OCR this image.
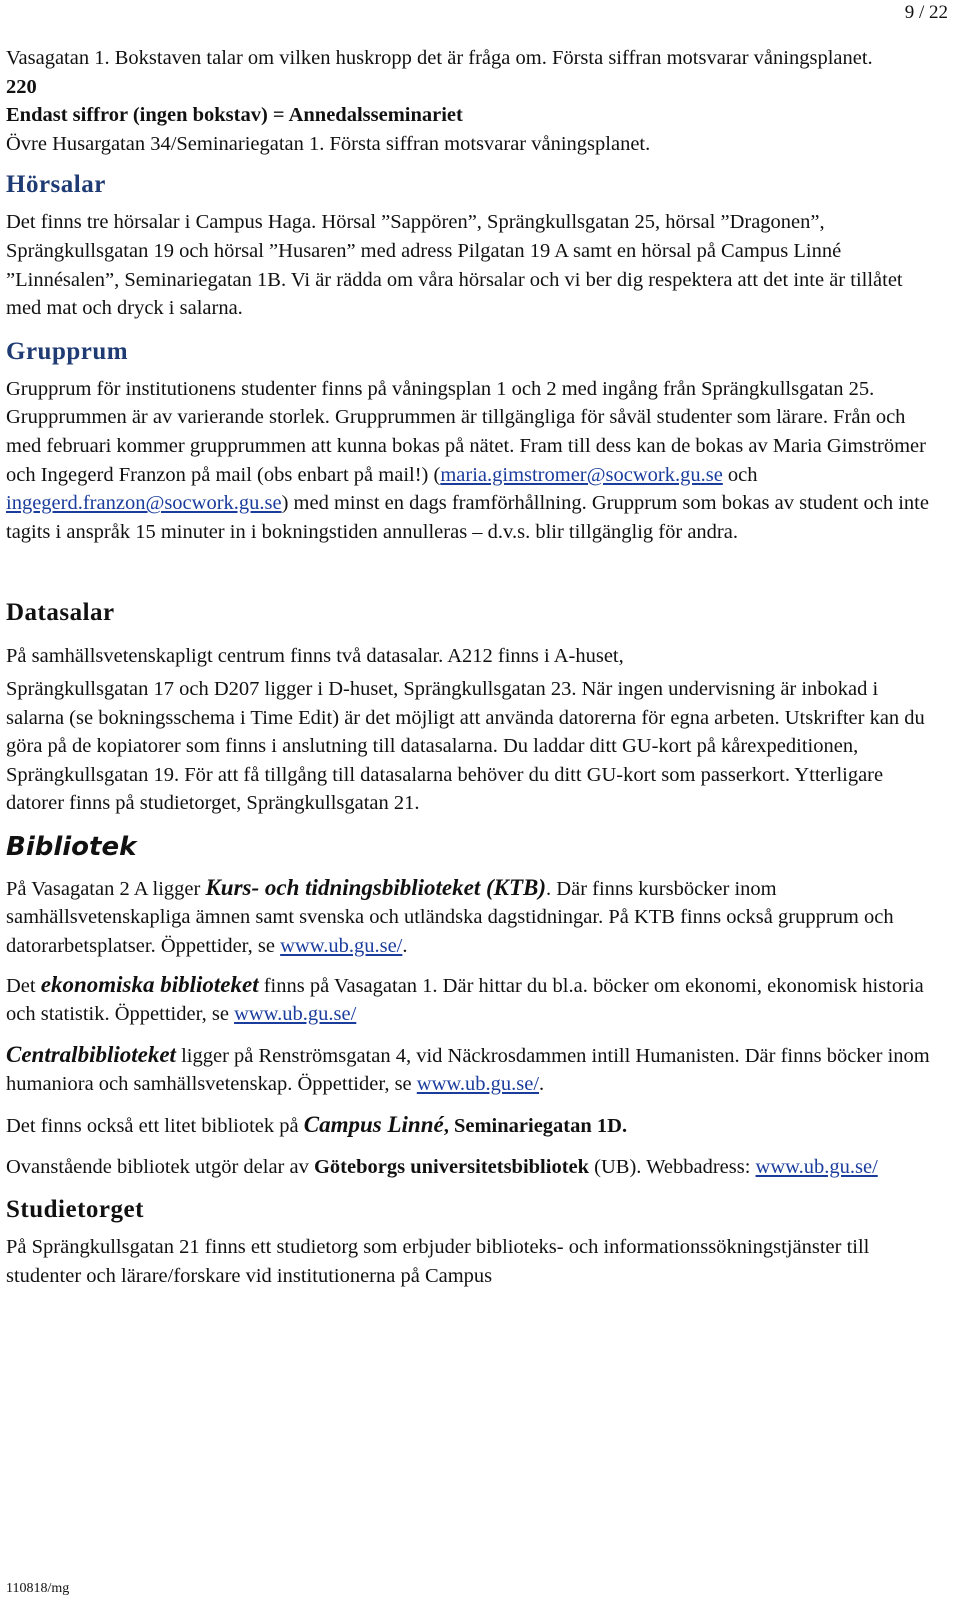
9 / 22

Vasagatan 1. Bokstaven talar om vilken huskropp det är fråga om. Första siffran motsvarar våningsplanet.

220

Endast siffror (ingen bokstav) = Annedalsseminariet

Övre Husargatan 34/Seminariegatan 1. Första siffran motsvarar våningsplanet.

Hörsalar

Det finns tre hörsalar i Campus Haga. Hörsal ”Sappören”, Sprängkullsgatan 25, hörsal ”Dragonen”, Sprängkullsgatan 19 och hörsal ”Husaren” med adress Pilgatan 19 A samt en hörsal på Campus Linné ”Linnésalen”, Seminariegatan 1B. Vi är rädda om våra hörsalar och vi ber dig respektera att det inte är tillåtet med mat och dryck i salarna.

Grupprum

Grupprum för institutionens studenter finns på våningsplan 1 och 2 med ingång från Sprängkullsgatan 25. Grupprummen är av varierande storlek. Grupprummen är tillgängliga för såväl studenter som lärare. Från och med februari kommer grupprummen att kunna bokas på nätet. Fram till dess kan de bokas av Maria Gimströmer och Ingegerd Franzon på mail (obs enbart på mail!) (maria.gimstromer@socwork.gu.se och ingegerd.franzon@socwork.gu.se) med minst en dags framförhållning. Grupprum som bokas av student och inte tagits i anspråk 15 minuter in i bokningstiden annulleras – d.v.s. blir tillgänglig för andra.

Datasalar

På samhällsvetenskapligt centrum finns två datasalar. A212 finns i A-huset,

Sprängkullsgatan 17 och D207 ligger i D-huset, Sprängkullsgatan 23. När ingen undervisning är inbokad i salarna (se bokningsschema i Time Edit) är det möjligt att använda datorerna för egna arbeten. Utskrifter kan du göra på de kopiatorer som finns i anslutning till datasalarna. Du laddar ditt GU-kort på kårexpeditionen, Sprängkullsgatan 19. För att få tillgång till datasalarna behöver du ditt GU-kort som passerkort. Ytterligare datorer finns på studietorget, Sprängkullsgatan 21.

Bibliotek

På Vasagatan 2 A ligger Kurs- och tidningsbiblioteket (KTB). Där finns kursböcker inom samhällsvetenskapliga ämnen samt svenska och utländska dagstidningar. På KTB finns också grupprum och datorarbetsplatser. Öppettider, se www.ub.gu.se/.

Det ekonomiska biblioteket finns på Vasagatan 1. Där hittar du bl.a. böcker om ekonomi, ekonomisk historia och statistik. Öppettider, se www.ub.gu.se/

Centralbiblioteket ligger på Renströmsgatan 4, vid Näckrosdammen intill Humanisten. Där finns böcker inom humaniora och samhällsvetenskap. Öppettider, se www.ub.gu.se/.

Det finns också ett litet bibliotek på Campus Linné, Seminariegatan 1D.

Ovanstående bibliotek utgör delar av Göteborgs universitetsbibliotek (UB). Webbadress: www.ub.gu.se/

Studietorget

På Sprängkullsgatan 21 finns ett studietorg som erbjuder biblioteks- och informationssökningstjänster till studenter och lärare/forskare vid institutionerna på Campus

110818/mg
